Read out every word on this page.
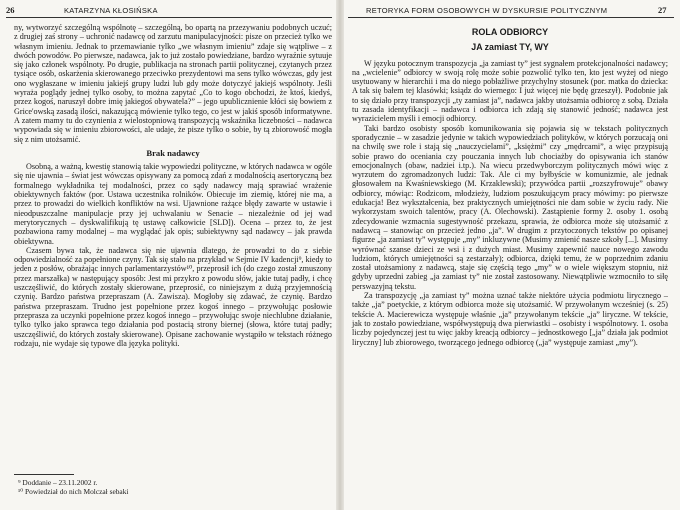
26	KATARZYNA KŁOSIŃSKA

ny, wytworzyć szczególną wspólnotę – szczególną, bo opartą na przezywaniu podobnych uczuć; z drugiej zaś strony – uchronić nadawcę od zarzutu manipulacyjności: pisze on przecież tylko we własnym imieniu. Jednak to przemawianie tylko „we własnym imieniu” zdaje się wątpliwe – z dwóch powodów. Po pierwsze, nadawca, jak to już zostało powiedziane, bardzo wyraźnie sytuuje się jako członek wspólnoty. Po drugie, publikacja na stronach partii politycznej, czytanych przez tysiące osób, oskarżenia skierowanego przeciwko prezydentowi ma sens tylko wówczas, gdy jest ono wygłaszane w imieniu jakiejś grupy ludzi lub gdy może dotyczyć jakiejś wspólnoty. Jeśli wyraża poglądy jednej tylko osoby, to można zapytać „Co to kogo obchodzi, że ktoś, kiedyś, przez kogoś, naruszył dobre imię jakiegoś obywatela?” – jego upublicznienie kłóci się bowiem z Grice'owską zasadą ilości, nakazującą mówienie tylko tego, co jest w jakiś sposób informatywne. A zatem mamy tu do czynienia z wielostopniową transpozycją wskaźnika liczebności – nadawca wypowiada się w imieniu zbiorowości, ale udaje, że pisze tylko o sobie, by tą zbiorowość mogła się z nim utożsamić.

Brak nadawcy

Osobną, a ważną, kwestię stanowią takie wypowiedzi polityczne, w których nadawca w ogóle się nie ujawnia – świat jest wówczas opisywany za pomocą zdań z modalnością asertoryczną bez formalnego wykładnika tej modalności, przez co sądy nadawcy mają sprawiać wrażenie obiektywnych faktów (por. Ustawa uczestnika rolników. Obiecuje im ziemię, której nie ma, a przez to prowadzi do wielkich konfliktów na wsi. Ujawnione rażące błędy zawarte w ustawie i nieodpuszczalne manipulacje przy jej uchwalaniu w Senacie – niezależnie od jej wad merytorycznych – dyskwalifikują tę ustawę całkowicie [SLD]). Ocena – przez to, że jest pozbawiona ramy modalnej – ma wyglądać jak opis; subiektywny sąd nadawcy – jak prawda obiektywna.

Czasem bywa tak, że nadawca się nie ujawnia dlatego, że prowadzi to do z siebie odpowiedzialność za popełnione czyny. Tak się stało na przykład w Sejmie IV kadencji⁹, kiedy to jeden z posłów, obrażając innych parlamentarzystów¹⁰, przeprosił ich (do czego został zmuszony przez marszałka) w następujący sposób: Jest mi przykro z powodu słów, jakie tutaj padły, i chcę uszczęśliwić, do których zostały skierowane, przeprosić, co niniejszym z dużą przyjemnością czynię. Bardzo państwa przepraszam (A. Zawisza). Mogłoby się zdawać, że czynię. Bardzo państwa przepraszam. Trudno jest popełnione przez kogoś innego – przywołując posłowie przeprasza za uczynki popełnione przez kogoś innego – przywołując swoje niechlubne działanie, tylko tylko jako sprawca tego działania pod postacią strony biernej (słowa, które tutaj padły; uszczęśliwić, do których zostały skierowane). Opisane zachowanie wystąpiło w tekstach różnego rodzaju, nie wydaje się typowe dla języka polityki.

⁹ Doddanie – 23.11.2002 r.
¹⁰ Powiedział do nich Molczał sebaki
RETORYKA FORM OSOBOWYCH W DYSKURSIE POLITYCZNYM	27
ROLA ODBIORCY
JA zamiast TY, WY

W języku potocznym transpozycja „ja zamiast ty” jest sygnałem protekcjonalności nadawcy; na „wcielenie” odbiorcy w swoją rolę może sobie pozwolić tylko ten, kto jest wyżej od niego usytuowany w hierarchii i ma do niego pobłażliwe przychylny stosunek (por. matka do dziecka: A tak się bałem tej klasówki; ksiądz do wiernego: I już więcej nie będę grzeszył). Podobnie jak to się działo przy transpozycji „ty zamiast ja”, nadawca jakby utożsamia odbiorcę z sobą. Działa tu zasada identyfikacji – nadawca i odbiorca ich zdają się stanowić jedność; nadawca jest wyrazicielem myśli i emocji odbiorcy.

Taki bardzo osobisty sposób komunikowania się pojawia się w tekstach politycznych sporadycznie – w zasadzie jedynie w takich wypowiedziach polityków, w których porzucają oni na chwilę swe role i stają się „nauczycielami”, „księżmi” czy „mędrcami”, a więc przypisują sobie prawo do oceniania czy pouczania innych lub chociażby do opisywania ich stanów emocjonalnych (obaw, nadziei i.tp.). Na wiecu przedwyborczym politycznych mówi więc z wyrzutem do zgromadzonych ludzi: Tak. Ale ci my byłbyście w komunizmie, ale jednak głosowałem na Kwaśniewskiego (M. Krzaklewski); przywódca partii „rozszyfrowuje” obawy odbiorcy, mówiąc: Rodzicom, młodzieży, ludziom poszukującym pracy mówimy: po pierwsze edukacja! Bez wykształcenia, bez praktycznych umiejętności nie dam sobie w życiu rady. Nie wykorzystam swoich talentów, pracy (A. Olechowski). Zastąpienie formy 2. osoby 1. osobą zdecydowanie wzmacnia sugestywność przekazu, sprawia, że odbiorca może się utożsamić z nadawcą – stanowiąc on przecież jedno „ja”. W drugim z przytoczonych tekstów po opisanej figurze „ja zamiast ty” występuje „my” inkluzywne (Musimy zmienić nasze szkoły [...]. Musimy wyrównać szanse dzieci ze wsi i z dużych miast. Musimy zapewnić nauce nowego zawodu ludziom, których umiejętności są zestarzały); odbiorca, dzięki temu, że w poprzednim zdaniu został utożsamiony z nadawcą, staje się częścią tego „my” w o wiele większym stopniu, niż gdyby uprzedni zabieg „ja zamiast ty” nie został zastosowany. Niewątpliwie wzmocniło to siłę perswazyjną tekstu.

Za transpozycję „ja zamiast ty” można uznać także niektóre użycia podmiotu lirycznego – także „ja” poetyckie, z którym odbiorca może się utożsamić. W przywołanym wcześniej (s. 25) tekście A. Macierewicza występuje właśnie „ja” przywołanym tekście „ja” liryczne. W tekście, jak to zostało powiedziane, współwystępują dwa pierwiastki – osobisty i wspólnotowy. 1. osoba liczby pojedynczej jest tu więc jakby kreacją odbiorcy – jednostkowego [„ja” działa jak podmiot liryczny] lub zbiorowego, tworzącego jednego odbiorcę („ja” występuje zamiast „my”).
